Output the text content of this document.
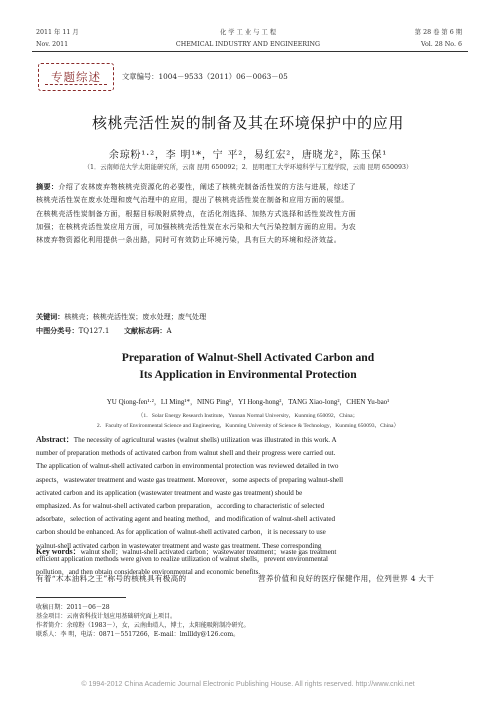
2011 年 11 月
Nov. 2011
化 学 工 业 与 工 程
CHEMICAL INDUSTRY AND ENGINEERING
第 28 卷 第 6 期
Vol. 28 No. 6
专题综述	文章编号：1004－9533（2011）06－0063－05
核桃壳活性炭的制备及其在环境保护中的应用
余琼粉¹·²，李 明¹*，宁 平²，易红宏²，唐晓龙²，陈玉保¹
（1．云南师范大学太阳能研究所，云南 昆明 650092；2．昆明理工大学环境科学与工程学院，云南 昆明 650093）
摘要：介绍了农林废弃物核桃壳资源化的必要性，阐述了核桃壳制备活性炭的方法与进展，综述了
核桃壳活性炭在废水处理和废气治理中的应用，提出了核桃壳活性炭在制备和应用方面的展望。
在核桃壳活性炭制备方面，根据目标吸附质特点，在活化剂选择、加热方式选择和活性炭改性方面
加强；在核桃壳活性炭应用方面，可加强核桃壳活性炭在水污染和大气污染控制方面的应用。为农
林废弃物资源化利用提供一条出路，同时可有效防止环境污染，具有巨大的环境和经济效益。
关键词：核桃壳；核桃壳活性炭；废水处理；废气处理
中图分类号：TQ127.1 文献标志码：A
Preparation of Walnut-Shell Activated Carbon and
Its Application in Environmental Protection
YU Qiong-fen¹·²，LI Ming¹*，NING Ping²，YI Hong-hong²，TANG Xiao-long²，CHEN Yu-bao¹
（1．Solar Energy Research Institute，Yunnan Normal University，Kunming 650092，China；
2．Faculty of Environmental Science and Engineering，Kunming University of Science & Technology，Kunming 650093，China）
Abstract：The necessity of agricultural wastes (walnut shells) utilization was illustrated in this work. A
number of preparation methods of activated carbon from walnut shell and their progress were carried out.
The application of walnut-shell activated carbon in environmental protection was reviewed detailed in two
aspects，wastewater treatment and waste gas treatment. Moreover，some aspects of preparing walnut-shell
activated carbon and its application (wastewater treatment and waste gas treatment) should be
emphasized. As for walnut-shell activated carbon preparation，according to characteristic of selected
adsorbate，selection of activating agent and heating method，and modification of walnut-shell activated
carbon should be enhanced. As for application of walnut-shell activated carbon，it is necessary to use
walnut-shell activated carbon in wastewater treatment and waste gas treatment. These corresponding
efficient application methods were given to realize utilization of walnut shells，prevent environmental
pollution，and then obtain considerable environmental and economic benefits.
Key words：walnut shell；walnut-shell activated carbon；wastewater treatment；waste gas treatment
有着“木本油料之王”称号的核桃具有极高的	营养价值和良好的医疗保健作用，位列世界 4 大干
收稿日期：2011－06－28
基金项目：云南省科技计划应用基础研究面上项目。
作者简介：余琼粉（1983－），女，云南曲靖人，博士，太阳能吸附制冷研究。
联系人：李 明，电话：0871－5517266，E-mail：lmllldy@126.com。
© 1994-2012 China Academic Journal Electronic Publishing House. All rights reserved. http://www.cnki.net
